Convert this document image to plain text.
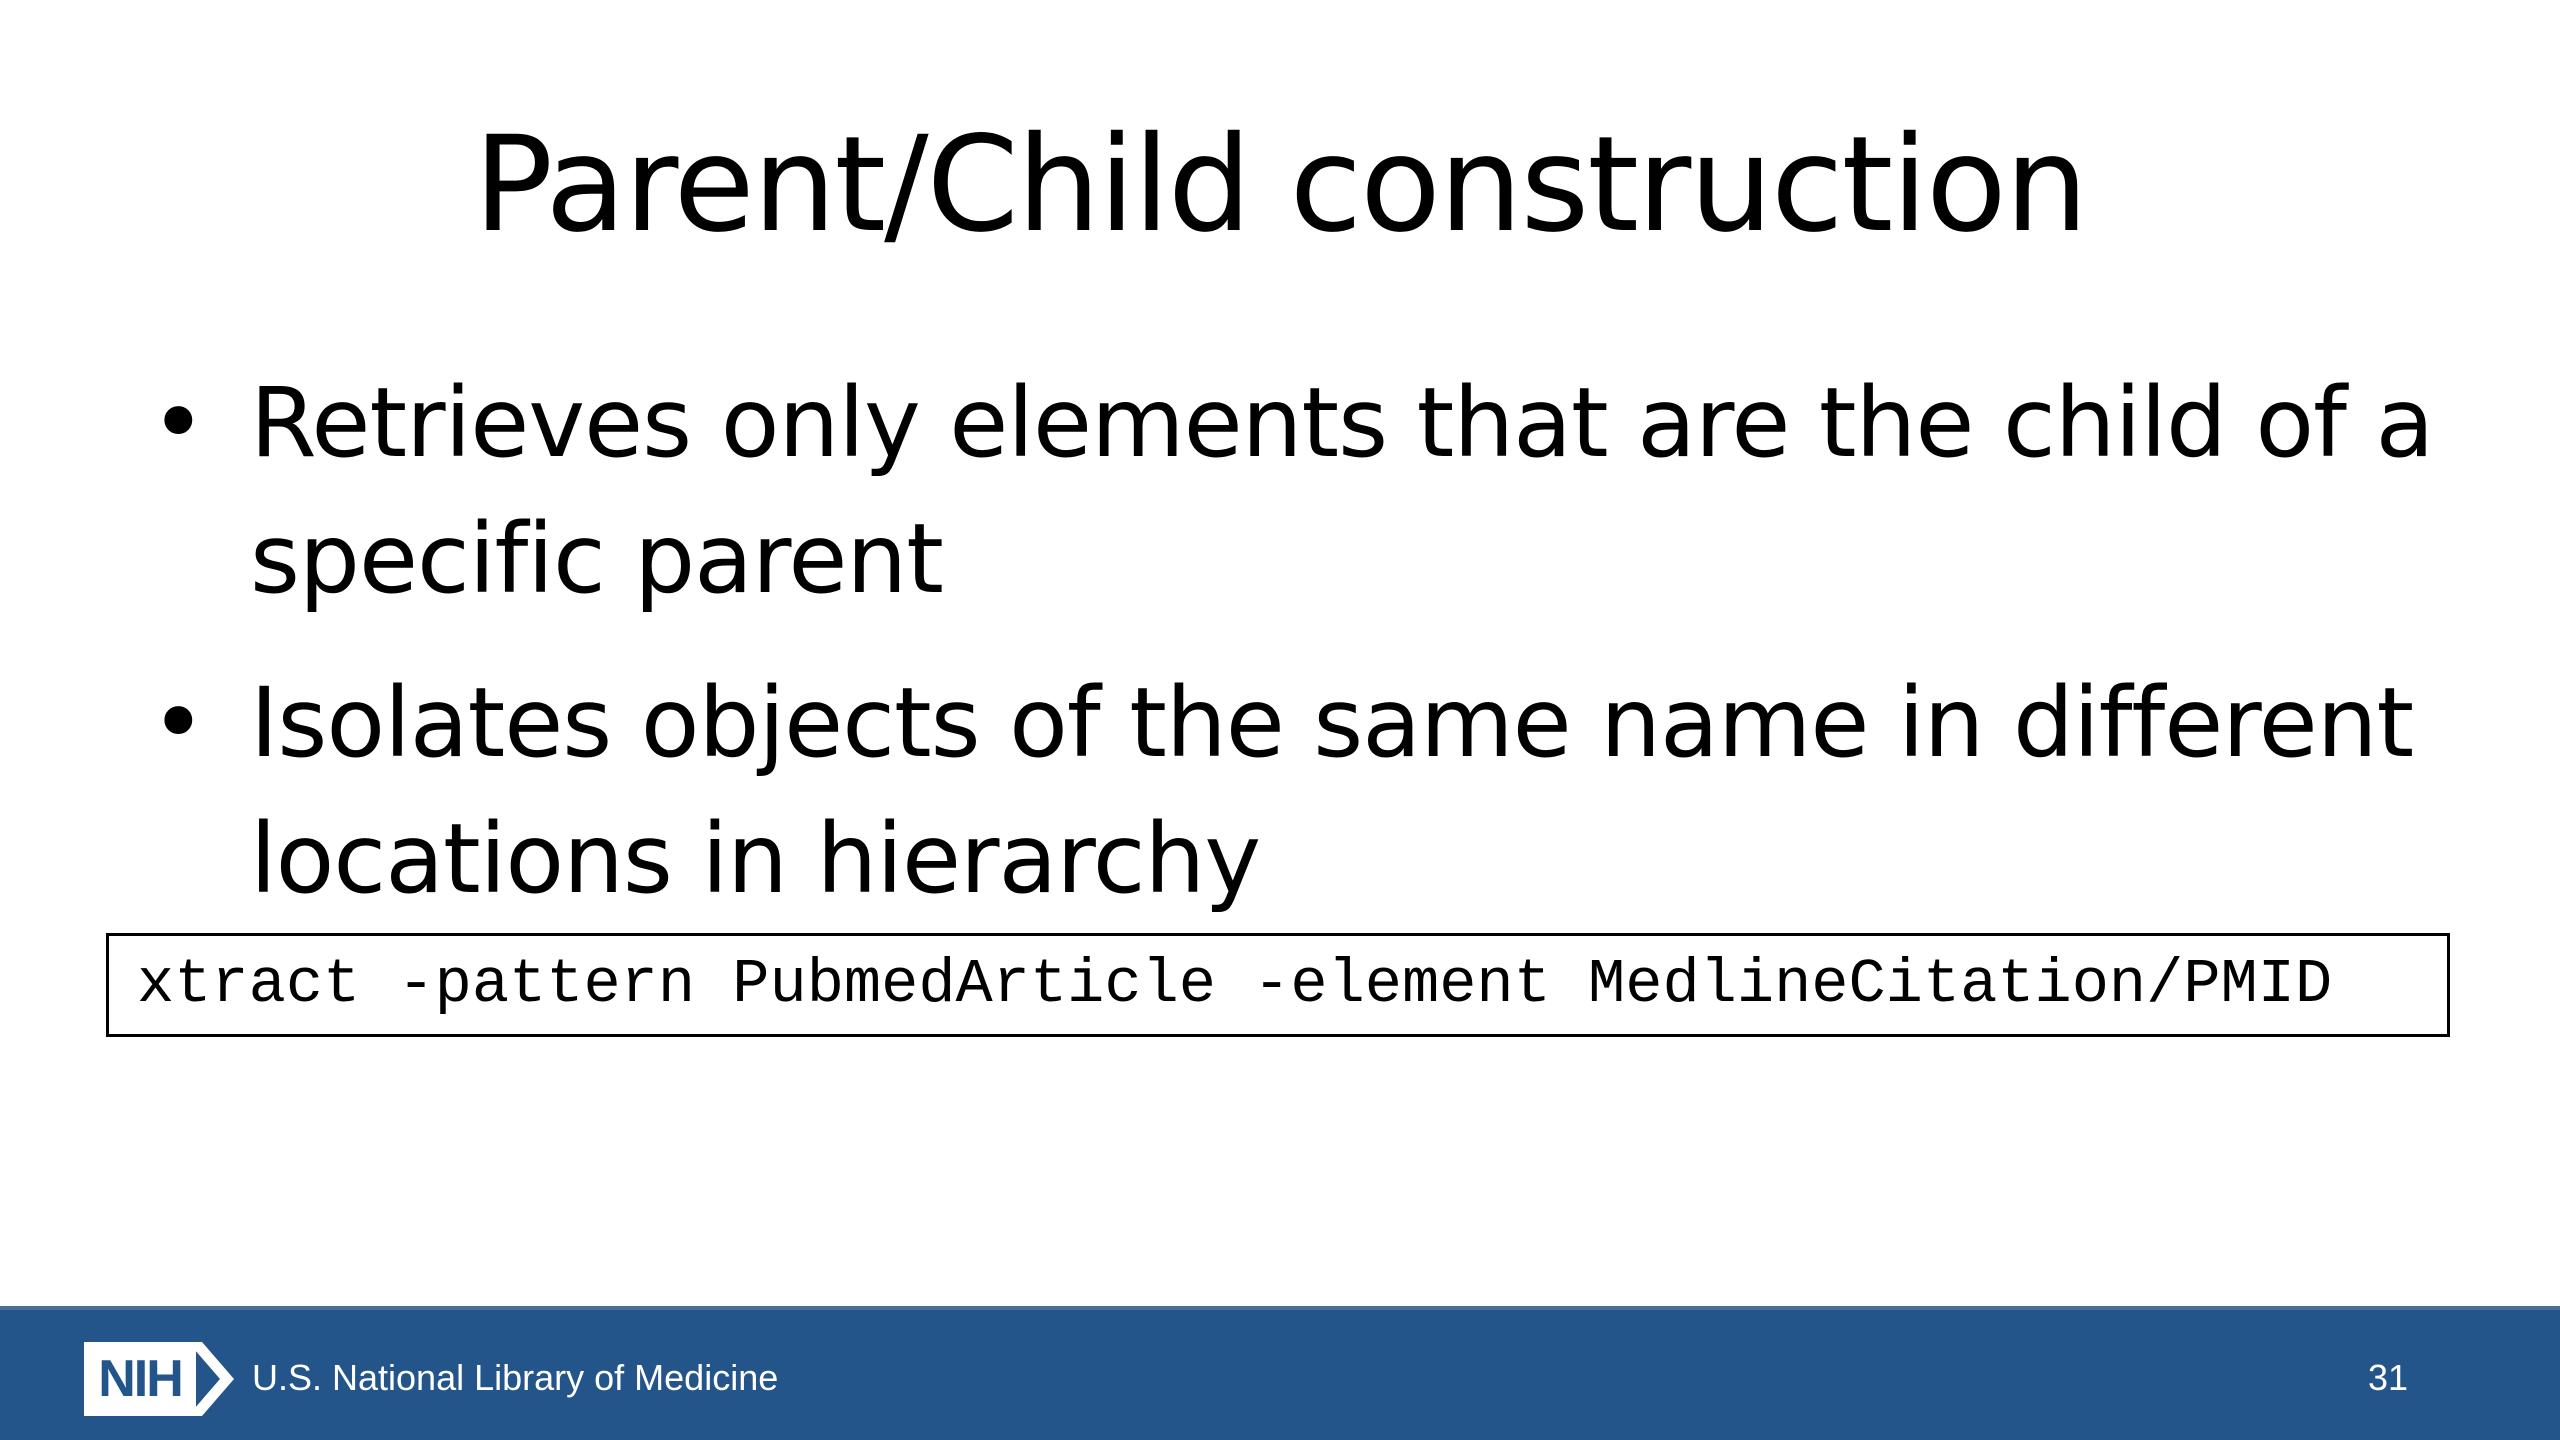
Parent/Child construction
• Retrieves only elements that are the child of a specific parent
• Isolates objects of the same name in different locations in hierarchy
xtract -pattern PubmedArticle -element MedlineCitation/PMID
NIH	U.S. National Library of Medicine	31
